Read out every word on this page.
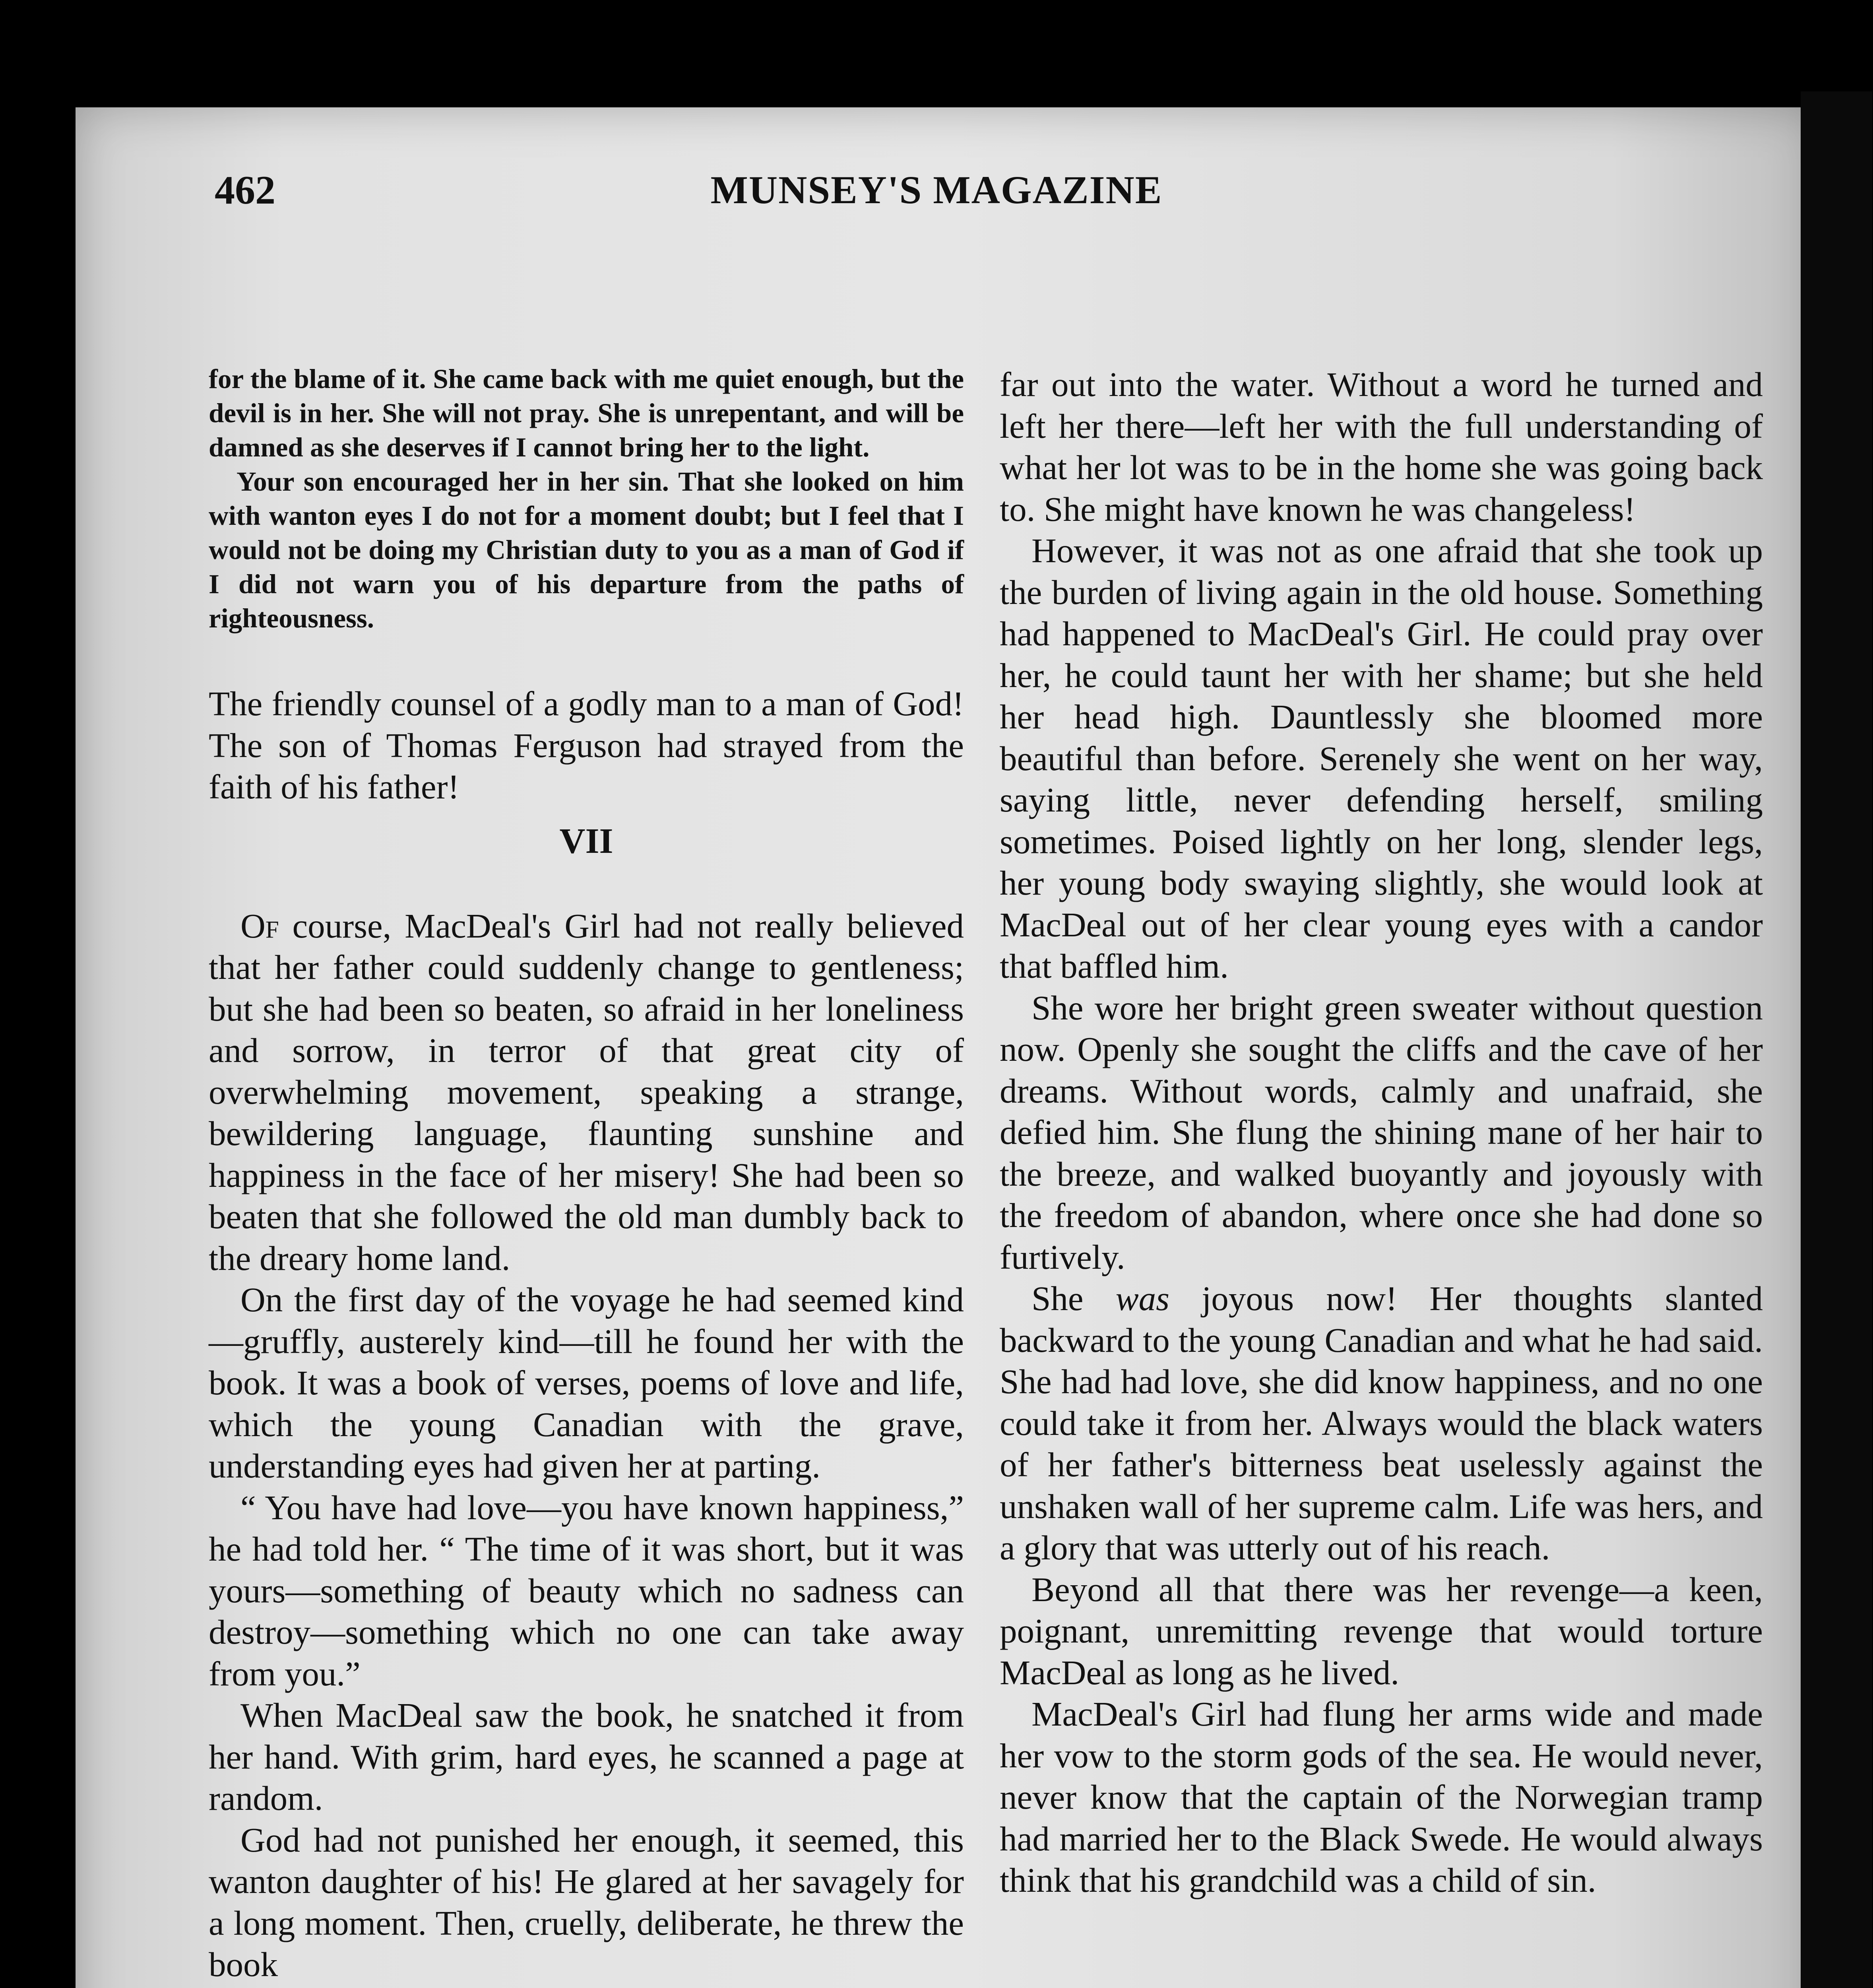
462	MUNSEY'S MAGAZINE

for the blame of it. She came back with me quiet enough, but the devil is in her. She will not pray. She is unrepentant, and will be damned as she deserves if I cannot bring her to the light.

Your son encouraged her in her sin. That she looked on him with wanton eyes I do not for a moment doubt; but I feel that I would not be doing my Christian duty to you as a man of God if I did not warn you of his departure from the paths of righteousness.

The friendly counsel of a godly man to a man of God! The son of Thomas Ferguson had strayed from the faith of his father!

VII

Of course, MacDeal's Girl had not really believed that her father could suddenly change to gentleness; but she had been so beaten, so afraid in her loneliness and sorrow, in terror of that great city of overwhelming movement, speaking a strange, bewildering language, flaunting sunshine and happiness in the face of her misery! She had been so beaten that she followed the old man dumbly back to the dreary home land.

On the first day of the voyage he had seemed kind—gruffly, austerely kind—till he found her with the book. It was a book of verses, poems of love and life, which the young Canadian with the grave, understanding eyes had given her at parting.

“ You have had love—you have known happiness,” he had told her. “ The time of it was short, but it was yours—something of beauty which no sadness can destroy—something which no one can take away from you.”

When MacDeal saw the book, he snatched it from her hand. With grim, hard eyes, he scanned a page at random.

God had not punished her enough, it seemed, this wanton daughter of his! He glared at her savagely for a long moment. Then, cruelly, deliberate, he threw the book

far out into the water. Without a word he turned and left her there—left her with the full understanding of what her lot was to be in the home she was going back to. She might have known he was changeless!

However, it was not as one afraid that she took up the burden of living again in the old house. Something had happened to MacDeal's Girl. He could pray over her, he could taunt her with her shame; but she held her head high. Dauntlessly she bloomed more beautiful than before. Serenely she went on her way, saying little, never defending herself, smiling sometimes. Poised lightly on her long, slender legs, her young body swaying slightly, she would look at MacDeal out of her clear young eyes with a candor that baffled him.

She wore her bright green sweater without question now. Openly she sought the cliffs and the cave of her dreams. Without words, calmly and unafraid, she defied him. She flung the shining mane of her hair to the breeze, and walked buoyantly and joyously with the freedom of abandon, where once she had done so furtively.

She was joyous now! Her thoughts slanted backward to the young Canadian and what he had said. She had had love, she did know happiness, and no one could take it from her. Always would the black waters of her father's bitterness beat uselessly against the unshaken wall of her supreme calm. Life was hers, and a glory that was utterly out of his reach.

Beyond all that there was her revenge—a keen, poignant, unremitting revenge that would torture MacDeal as long as he lived.

MacDeal's Girl had flung her arms wide and made her vow to the storm gods of the sea. He would never, never know that the captain of the Norwegian tramp had married her to the Black Swede. He would always think that his grandchild was a child of sin.
